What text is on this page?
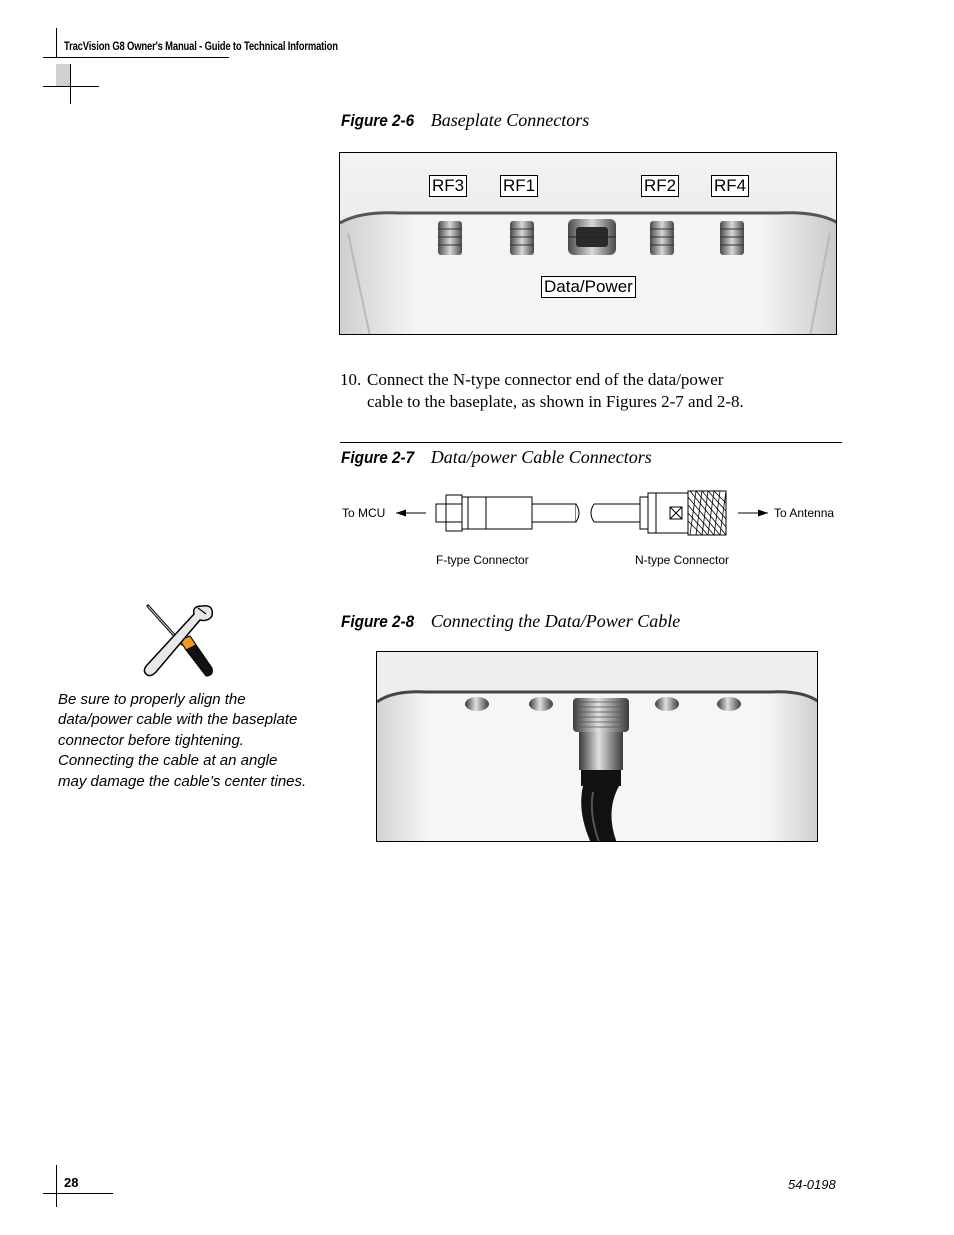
TracVision G8 Owner's Manual - Guide to Technical Information
Figure 2-6 Baseplate Connectors
RF3 RF1	RF2 RF4
Data/Power
10. Connect the N-type connector end of the data/power
cable to the baseplate, as shown in Figures 2-7 and 2-8.
Figure 2-7 Data/power Cable Connectors
To MCU	To Antenna
F-type Connector	N-type Connector
Be sure to properly align the data/power cable with the baseplate connector before tightening. Connecting the cable at an angle may damage the cable’s center tines.
Figure 2-8 Connecting the Data/Power Cable
28	54-0198
